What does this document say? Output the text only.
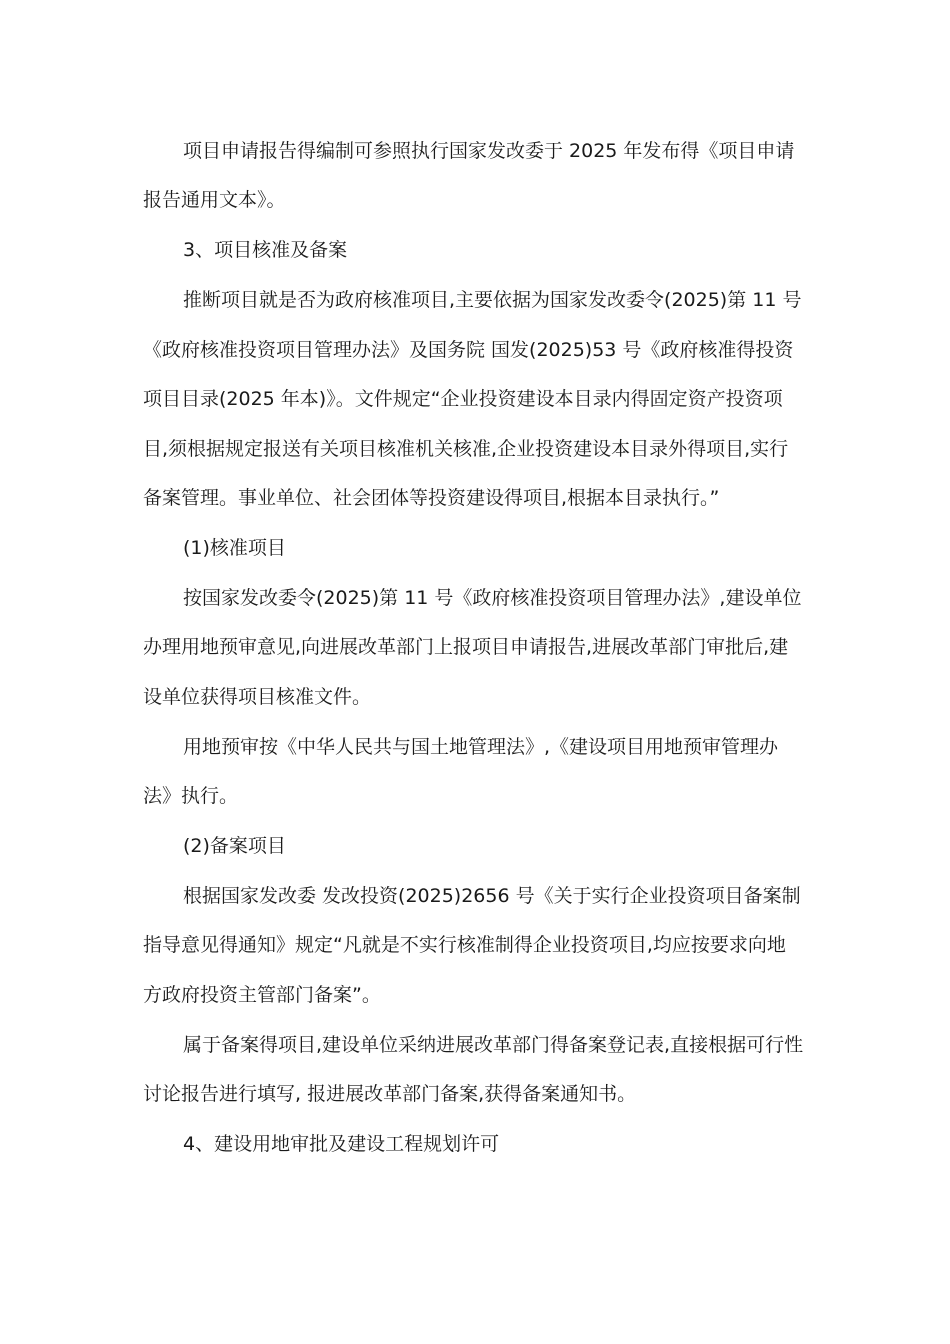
项目申请报告得编制可参照执行国家发改委于 2025 年发布得《项目申请
报告通用文本》。
3、项目核准及备案
推断项目就是否为政府核准项目,主要依据为国家发改委令(2025)第 11 号
《政府核准投资项目管理办法》及国务院 国发(2025)53 号《政府核准得投资
项目目录(2025 年本)》。文件规定“企业投资建设本目录内得固定资产投资项
目,须根据规定报送有关项目核准机关核准,企业投资建设本目录外得项目,实行
备案管理。事业单位、社会团体等投资建设得项目,根据本目录执行。”
(1)核准项目
按国家发改委令(2025)第 11 号《政府核准投资项目管理办法》,建设单位
办理用地预审意见,向进展改革部门上报项目申请报告,进展改革部门审批后,建
设单位获得项目核准文件。
用地预审按《中华人民共与国土地管理法》,《建设项目用地预审管理办
法》执行。
(2)备案项目
根据国家发改委 发改投资(2025)2656 号《关于实行企业投资项目备案制
指导意见得通知》规定“凡就是不实行核准制得企业投资项目,均应按要求向地
方政府投资主管部门备案”。
属于备案得项目,建设单位采纳进展改革部门得备案登记表,直接根据可行性
讨论报告进行填写, 报进展改革部门备案,获得备案通知书。
4、建设用地审批及建设工程规划许可
